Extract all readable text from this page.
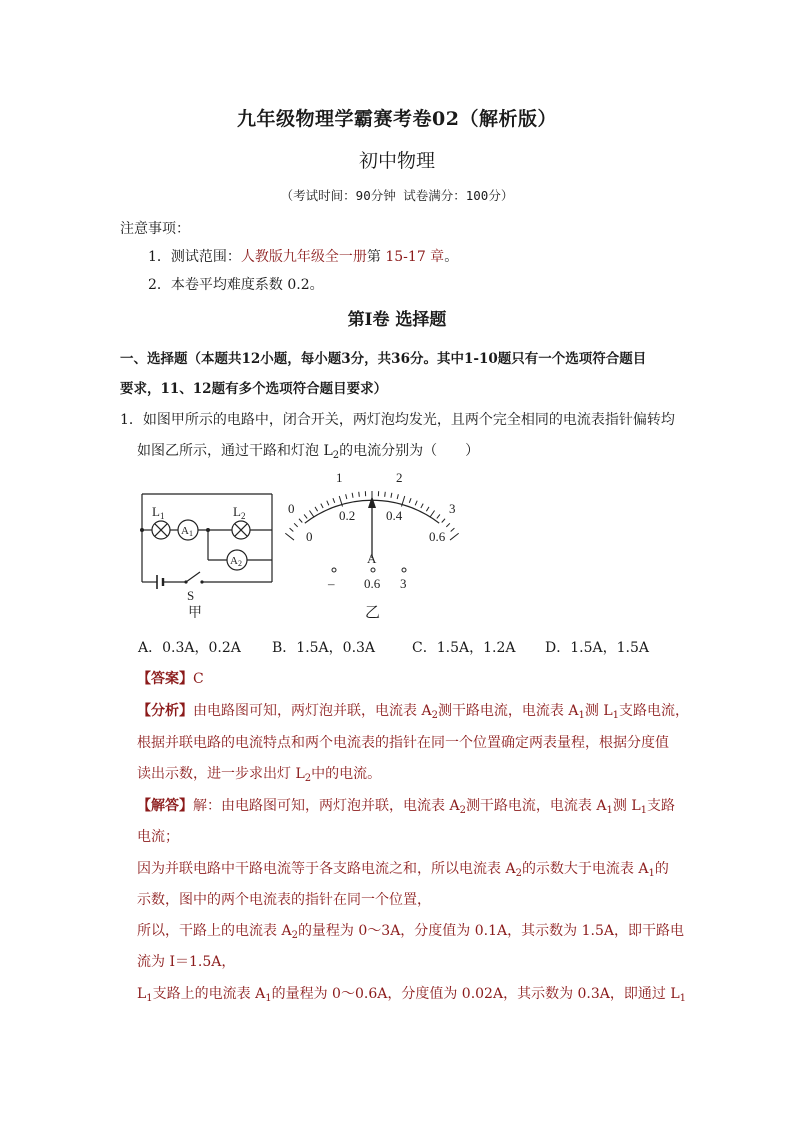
九年级物理学霸赛考卷02（解析版）
初中物理
（考试时间：90分钟 试卷满分：100分）
注意事项：
1．测试范围：人教版九年级全一册第 15-17 章。
2．本卷平均难度系数 0.2。
第Ⅰ卷 选择题
一、选择题（本题共12小题，每小题3分，共36分。其中1-10题只有一个选项符合题目
要求，11、12题有多个选项符合题目要求）
1．如图甲所示的电路中，闭合开关，两灯泡均发光，且两个完全相同的电流表指针偏转均
如图乙所示，通过干路和灯泡 $L_2$的电流分别为（　　）
$L_1$	$L_2$
A1
A2
S
甲
0
1	2
3
0
0.2 0.4
0.6
A
– 0.6 3
乙
A．0.3A，0.2A B．1.5A，0.3A	C．1.5A，1.2A D．1.5A，1.5A
【答案】C
【分析】由电路图可知，两灯泡并联，电流表 $A_2$测干路电流，电流表 $A_1$测 $L_1$支路电流，
根据并联电路的电流特点和两个电流表的指针在同一个位置确定两表量程，根据分度值
读出示数，进一步求出灯 $L_2$中的电流。
【解答】解：由电路图可知，两灯泡并联，电流表 $A_2$测干路电流，电流表 $A_1$测 $L_1$支路
电流；
因为并联电路中干路电流等于各支路电流之和，所以电流表 $A_2$的示数大于电流表 $A_1$的
示数，图中的两个电流表的指针在同一个位置，
所以，干路上的电流表 $A_2$的量程为 0～3A，分度值为 0.1A，其示数为 1.5A，即干路电
流为 I＝1.5A，
$L_1$支路上的电流表 $A_1$的量程为 0～0.6A，分度值为 0.02A，其示数为 0.3A，即通过 $L_1$
